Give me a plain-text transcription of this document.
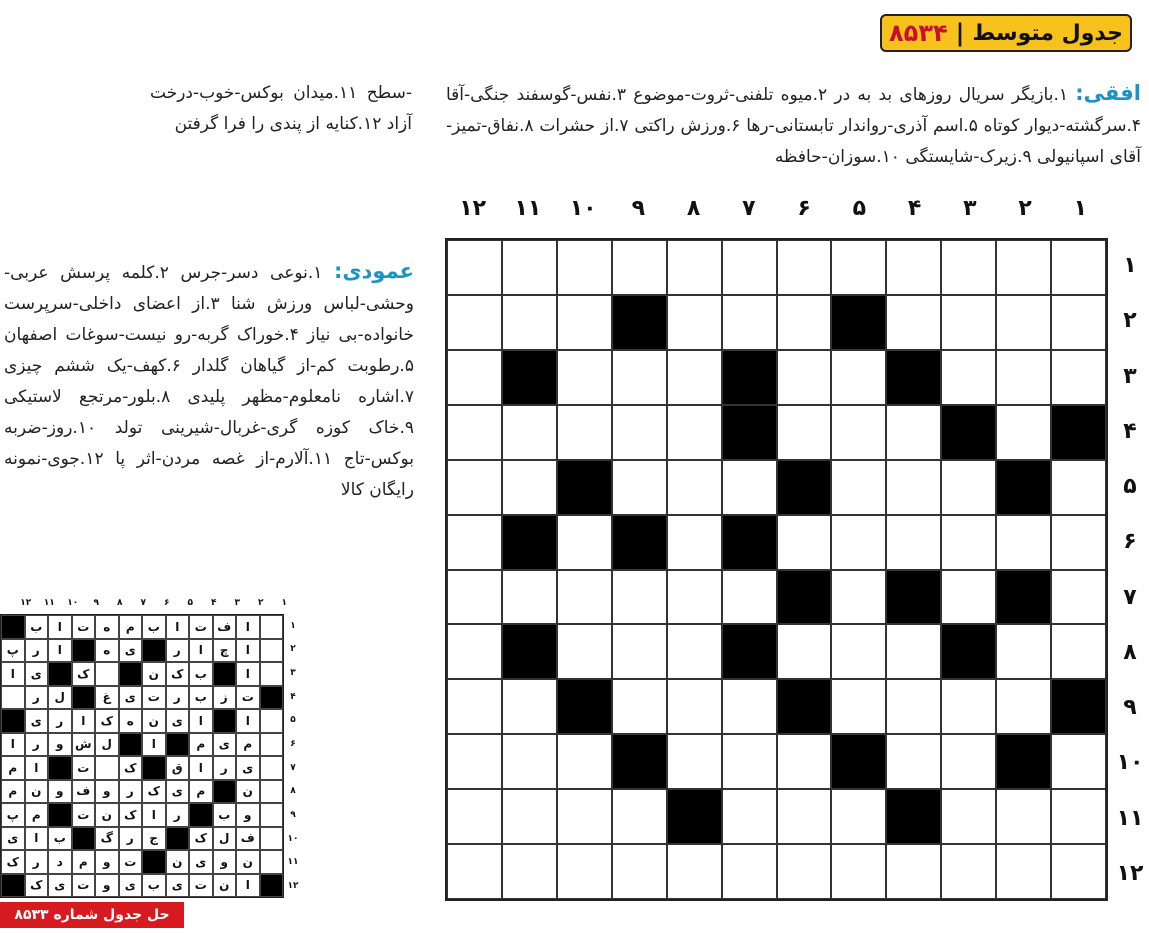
جدول متوسط
|
۸۵۳۴
افقی: ۱.بازیگر سریال روزهای بد به در ۲.میوه تلفنی-ثروت-موضوع ۳.نفس-گوسفند جنگی-آقا ۴.سرگشته-دیوار کوتاه ۵.اسم آذری-رواندار تابستانی-رها ۶.ورزش راکتی ۷.از حشرات ۸.نفاق-تمیز-آقای اسپانیولی ۹.زیرک-شایستگی ۱۰.سوزان-حافظه
-سطح ۱۱.میدان بوکس-خوب-درخت آزاد ۱۲.کنایه از پندی را فرا گرفتن
عمودی: ۱.نوعی دسر-جرس ۲.کلمه پرسش عربی-وحشی-لباس ورزش شنا ۳.از اعضای داخلی-سرپرست خانواده-بی نیاز ۴.خوراک گربه-رو نیست-سوغات اصفهان ۵.رطوبت کم-از گیاهان گلدار ۶.کهف-یک ششم چیزی ۷.اشاره نامعلوم-مظهر پلیدی ۸.بلور-مرتجع لاستیکی ۹.خاک کوزه گری-غربال-شیرینی تولد ۱۰.روز-ضربه بوکس-تاج ۱۱.آلارم-از غصه مردن-اثر پا ۱۲.جوی-نمونه رایگان کالا
۱
۲
۳
۴
۵
۶
۷
۸
۹
۱۰
۱۱
۱۲
۱
۲
۳
۴
۵
۶
۷
۸
۹
۱۰
۱۱
۱۲
۱
۲
۳
۴
۵
۶
۷
۸
۹
۱۰
۱۱
۱۲
ا
ف
ت
ا
ب
م
ه
ت
ا
ب
ا
چ
ا
ر
ی
ه
ا
ر
پ
ا
ب
ک
ن
ک
ی
ا
ت
ز
ب
ر
ت
ی
غ
ل
ر
ا
ا
ی
ن
ه
ک
ا
ر
ی
م
ی
م
ا
ل
ش
و
ر
ا
ی
ر
ا
ق
ک
ت
ا
م
ن
م
ی
ک
ر
و
ف
و
ن
م
و
ب
ر
ا
ک
ن
ت
م
پ
ف
ل
ک
ج
ر
گ
ب
ا
ی
ن
و
ی
ن
ت
و
م
د
ر
ک
ا
ن
ت
ی
ب
ی
و
ت
ی
ک
۱
۲
۳
۴
۵
۶
۷
۸
۹
۱۰
۱۱
۱۲
حل جدول شماره ۸۵۳۳
